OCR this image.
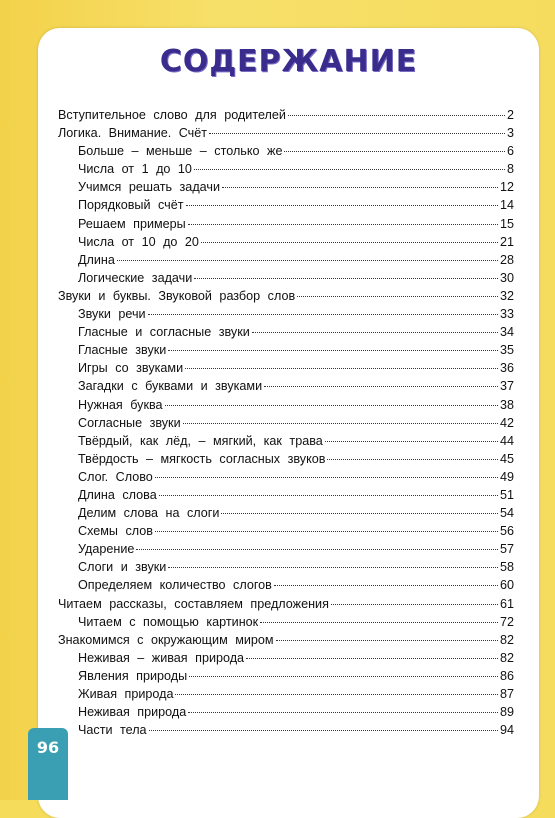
СОДЕРЖАНИЕ
Вступительное слово для родителей	2
Логика. Внимание. Счёт	3
Больше – меньше – столько же	6
Числа от 1 до 10	8
Учимся решать задачи	12
Порядковый счёт	14
Решаем примеры	15
Числа от 10 до 20	21
Длина	28
Логические задачи	30
Звуки и буквы. Звуковой разбор слов	32
Звуки речи	33
Гласные и согласные звуки	34
Гласные звуки	35
Игры со звуками	36
Загадки с буквами и звуками	37
Нужная буква	38
Согласные звуки	42
Твёрдый, как лёд, – мягкий, как трава	44
Твёрдость – мягкость согласных звуков	45
Слог. Слово	49
Длина слова	51
Делим слова на слоги	54
Схемы слов	56
Ударение	57
Слоги и звуки	58
Определяем количество слогов	60
Читаем рассказы, составляем предложения	61
Читаем с помощью картинок	72
Знакомимся с окружающим миром	82
Неживая – живая природа	82
Явления природы	86
Живая природа	87
Неживая природа	89
Части тела	94
96
